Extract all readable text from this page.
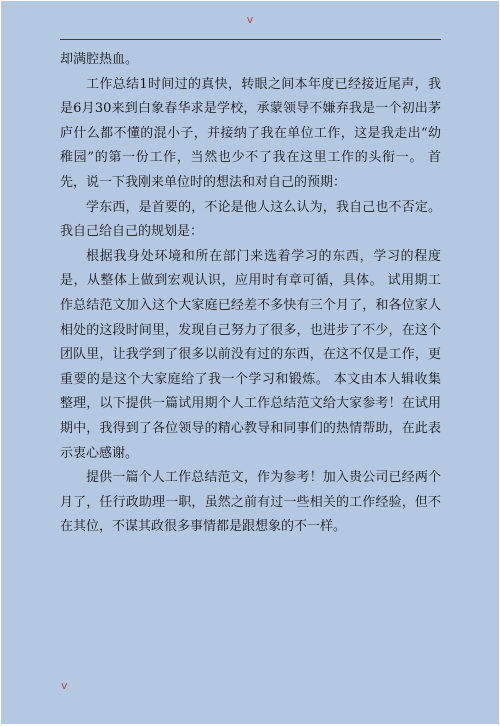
v

却满腔热血。

工作总结1时间过的真快，转眼之间本年度已经接近尾声，我是6月30来到白象春华求是学校，承蒙领导不嫌弃我是一个初出茅庐什么都不懂的混小子，并接纳了我在单位工作，这是我走出“幼稚园”的第一份工作，当然也少不了我在这里工作的头衔一。 首先，说一下我刚来单位时的想法和对自己的预期：

学东西，是首要的，不论是他人这么认为，我自己也不否定。我自己给自己的规划是：

根据我身处环境和所在部门来选着学习的东西，学习的程度是，从整体上做到宏观认识，应用时有章可循，具体。 试用期工作总结范文加入这个大家庭已经差不多快有三个月了，和各位家人相处的这段时间里，发现自己努力了很多，也进步了不少，在这个团队里，让我学到了很多以前没有过的东西，在这不仅是工作，更重要的是这个大家庭给了我一个学习和锻炼。 本文由本人辑收集整理，以下提供一篇试用期个人工作总结范文给大家参考！在试用期中，我得到了各位领导的精心教导和同事们的热情帮助，在此表示衷心感谢。

提供一篇个人工作总结范文，作为参考！加入贵公司已经两个月了，任行政助理一职，虽然之前有过一些相关的工作经验，但不在其位，不谋其政很多事情都是跟想象的不一样。

v
